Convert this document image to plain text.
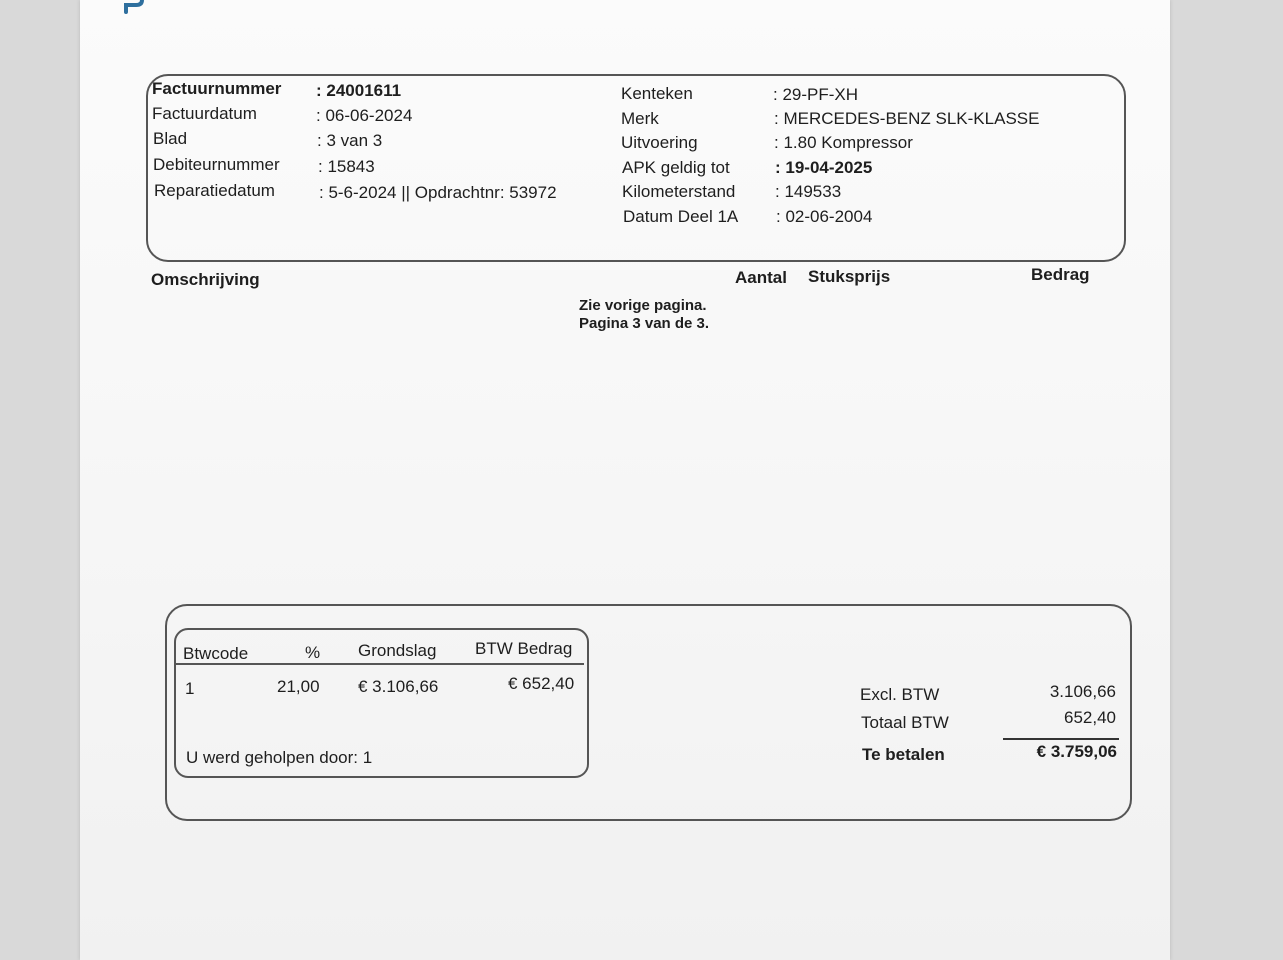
Factuurnummer : 24001611
Factuurdatum	: 06-06-2024
Blad	: 3 van 3
Debiteurnummer : 15843
Reparatiedatum	: 5-6-2024 || Opdrachtnr: 53972
Kenteken	: 29-PF-XH
Merk	: MERCEDES-BENZ SLK-KLASSE
Uitvoering	: 1.80 Kompressor
APK geldig tot	: 19-04-2025
Kilometerstand : 149533
Datum Deel 1A : 02-06-2004
Omschrijving	Aantal Stuksprijs	Bedrag
Zie vorige pagina.
Pagina 3 van de 3.
Btwcode	% Grondslag BTW Bedrag
1	21,00 € 3.106,66	€ 652,40
U werd geholpen door: 1
Excl. BTW	3.106,66
Totaal BTW	652,40
Te betalen	€ 3.759,06
